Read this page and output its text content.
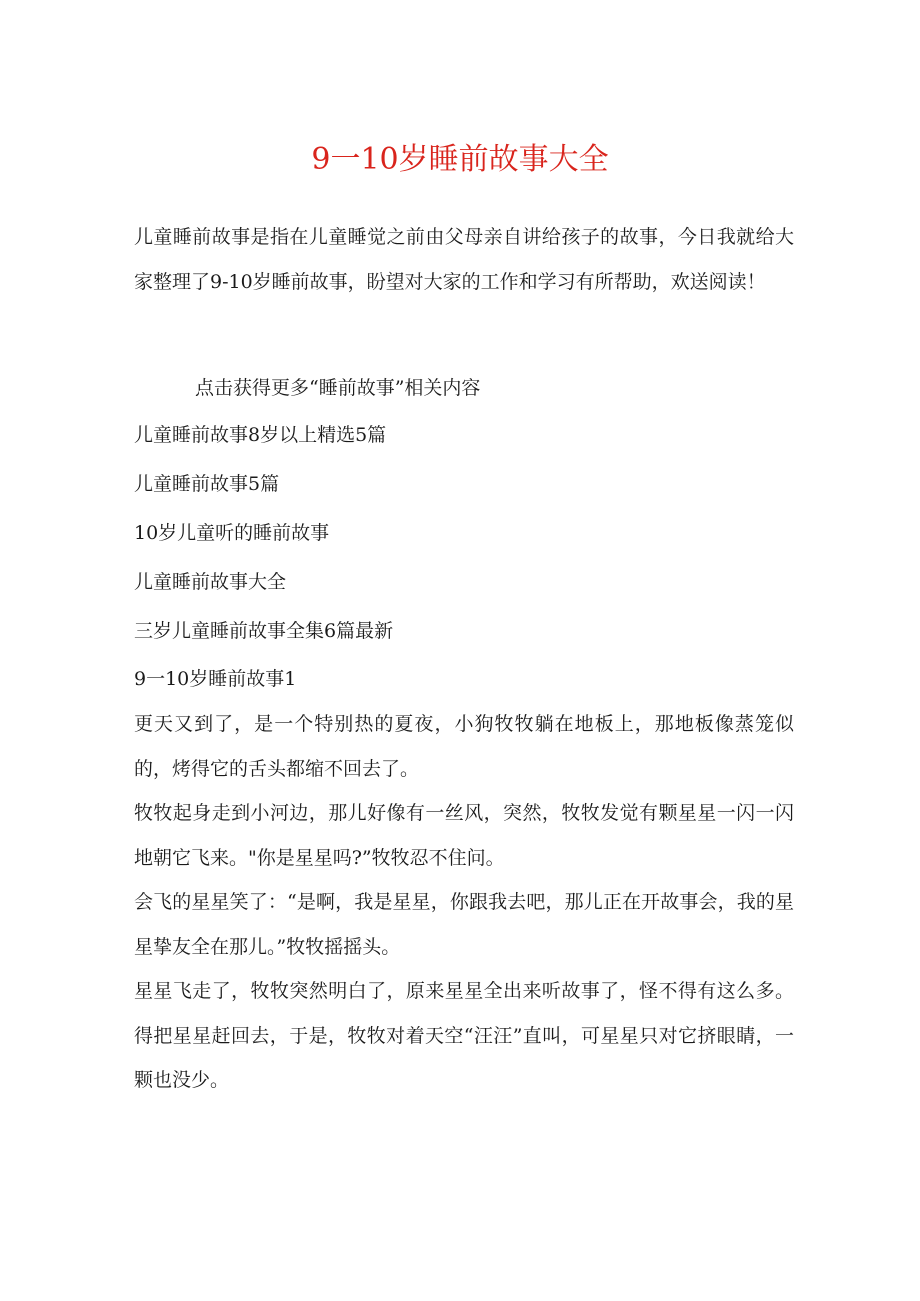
9一10岁睡前故事大全

儿童睡前故事是指在儿童睡觉之前由父母亲自讲给孩子的故事，今日我就给大家整理了9-10岁睡前故事，盼望对大家的工作和学习有所帮助，欢送阅读！

点击获得更多“睡前故事”相关内容

儿童睡前故事8岁以上精选5篇
儿童睡前故事5篇
10岁儿童听的睡前故事
儿童睡前故事大全
三岁儿童睡前故事全集6篇最新

9一10岁睡前故事1

更天又到了，是一个特别热的夏夜，小狗牧牧躺在地板上，那地板像蒸笼似的，烤得它的舌头都缩不回去了。

牧牧起身走到小河边，那儿好像有一丝风，突然，牧牧发觉有颗星星一闪一闪地朝它飞来。"你是星星吗?”牧牧忍不住问。

会飞的星星笑了：“是啊，我是星星，你跟我去吧，那儿正在开故事会，我的星星挚友全在那儿。”牧牧摇摇头。

星星飞走了，牧牧突然明白了，原来星星全出来听故事了，怪不得有这么多。得把星星赶回去，于是，牧牧对着天空“汪汪”直叫，可星星只对它挤眼睛，一颗也没少。
